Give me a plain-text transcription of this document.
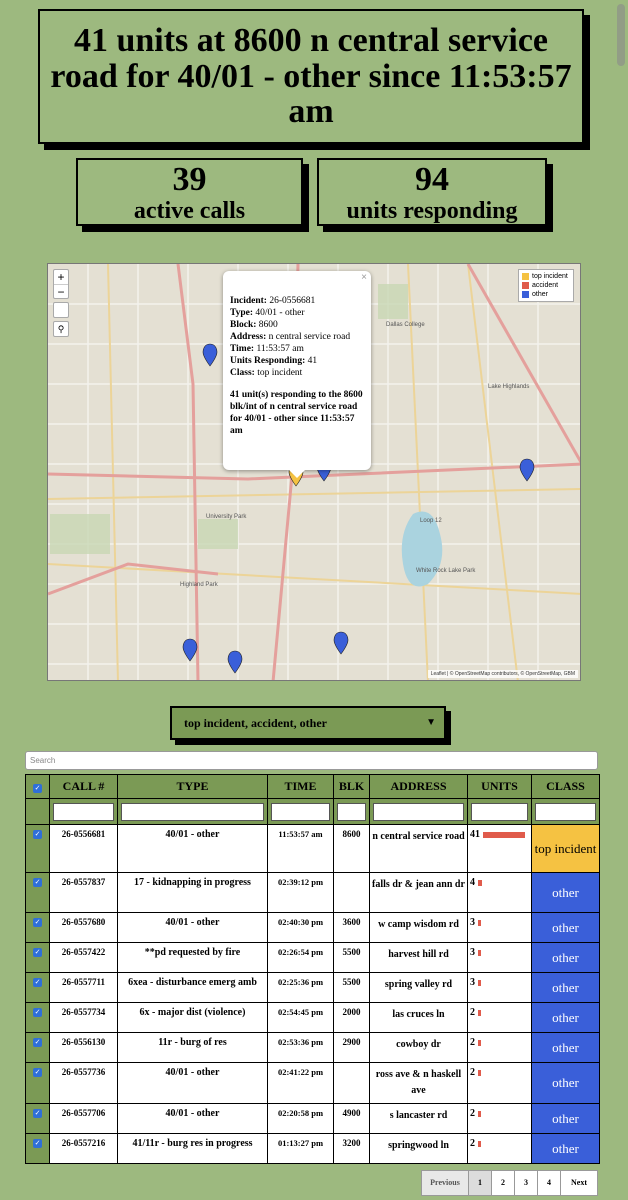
41 units at 8600 n central service road for 40/01 - other since 11:53:57 am
39
active calls
94
units responding
University Park
Highland Park
Loop 12
White Rock Lake Park
Lake Highlands
Dallas College
+
−
⚲
top incident
accident
other
×
Incident: 26-0556681
Type: 40/01 - other
Block: 8600
Address: n central service road
Time: 11:53:57 am
Units Responding: 41
Class: top incident
41 unit(s) responding to the 8600 blk/int of n central service road for 40/01 - other since 11:53:57 am
Leaflet | © OpenStreetMap contributors, © OpenStreetMap, GBM
top incident, accident, other	▼
Search
✓	CALL #	TYPE	TIME	BLK	ADDRESS	UNITS	CLASS

✓	26-0556681	40/01 - other	11:53:57 am	8600	n central service road	41	top incident
✓	26-0557837	17 - kidnapping in progress	02:39:12 pm		falls dr & jean ann dr	4	other
✓	26-0557680	40/01 - other	02:40:30 pm	3600	w camp wisdom rd	3	other
✓	26-0557422	**pd requested by fire	02:26:54 pm	5500	harvest hill rd	3	other
✓	26-0557711	6xea - disturbance emerg amb	02:25:36 pm	5500	spring valley rd	3	other
✓	26-0557734	6x - major dist (violence)	02:54:45 pm	2000	las cruces ln	2	other
✓	26-0556130	11r - burg of res	02:53:36 pm	2900	cowboy dr	2	other
✓	26-0557736	40/01 - other	02:41:22 pm		ross ave & n haskell ave	2	other
✓	26-0557706	40/01 - other	02:20:58 pm	4900	s lancaster rd	2	other
✓	26-0557216	41/11r - burg res in progress	01:13:27 pm	3200	springwood ln	2	other
Previous	1	2	3	4	Next
